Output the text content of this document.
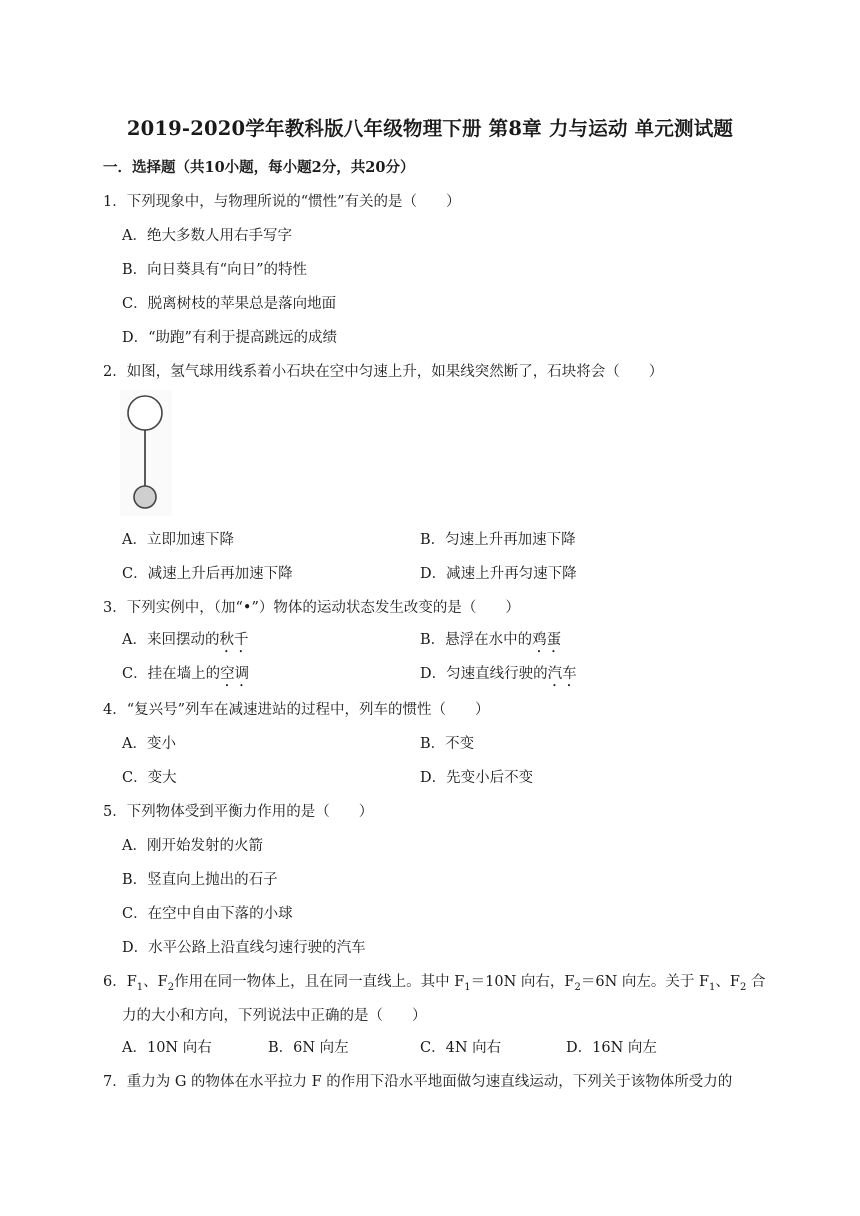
2019-2020学年教科版八年级物理下册 第8章 力与运动 单元测试题
一．选择题（共10小题，每小题2分，共20分）
1．下列现象中，与物理所说的“惯性”有关的是（　　）
A．绝大多数人用右手写字
B．向日葵具有“向日”的特性
C．脱离树枝的苹果总是落向地面
D．“助跑”有利于提高跳远的成绩
2．如图，氢气球用线系着小石块在空中匀速上升，如果线突然断了，石块将会（　　）
A．立即加速下降	B．匀速上升再加速下降
C．减速上升后再加速下降	D．减速上升再匀速下降
3．下列实例中，（加“•”）物体的运动状态发生改变的是（　　）
A．来回摆动的秋千	B．悬浮在水中的鸡蛋
C．挂在墙上的空调	D．匀速直线行驶的汽车
4．“复兴号”列车在减速进站的过程中，列车的惯性（　　）
A．变小	B．不变
C．变大	D．先变小后不变
5．下列物体受到平衡力作用的是（　　）
A．刚开始发射的火箭
B．竖直向上抛出的石子
C．在空中自由下落的小球
D．水平公路上沿直线匀速行驶的汽车
6．$F_1$、$F_2$作用在同一物体上，且在同一直线上。其中 $F_1=10N$ 向右，$F_2=6N$ 向左。关于 $F_1$、$F_2$ 合
力的大小和方向，下列说法中正确的是（　　）
A．10N 向右	B．6N 向左	C．4N 向右	D．16N 向左
7．重力为 G 的物体在水平拉力 F 的作用下沿水平地面做匀速直线运动，下列关于该物体所受力的
